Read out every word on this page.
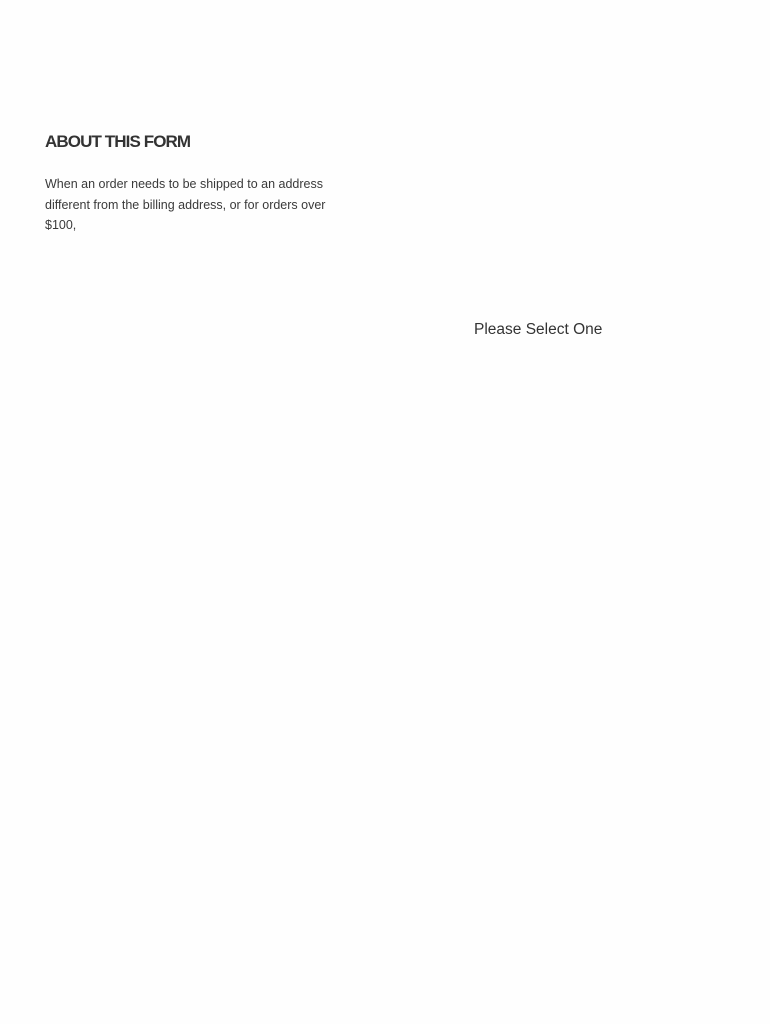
ABOUT THIS FORM

When an order needs to be shipped to an address
different from the billing address, or for orders over
$100,

Please Select One
